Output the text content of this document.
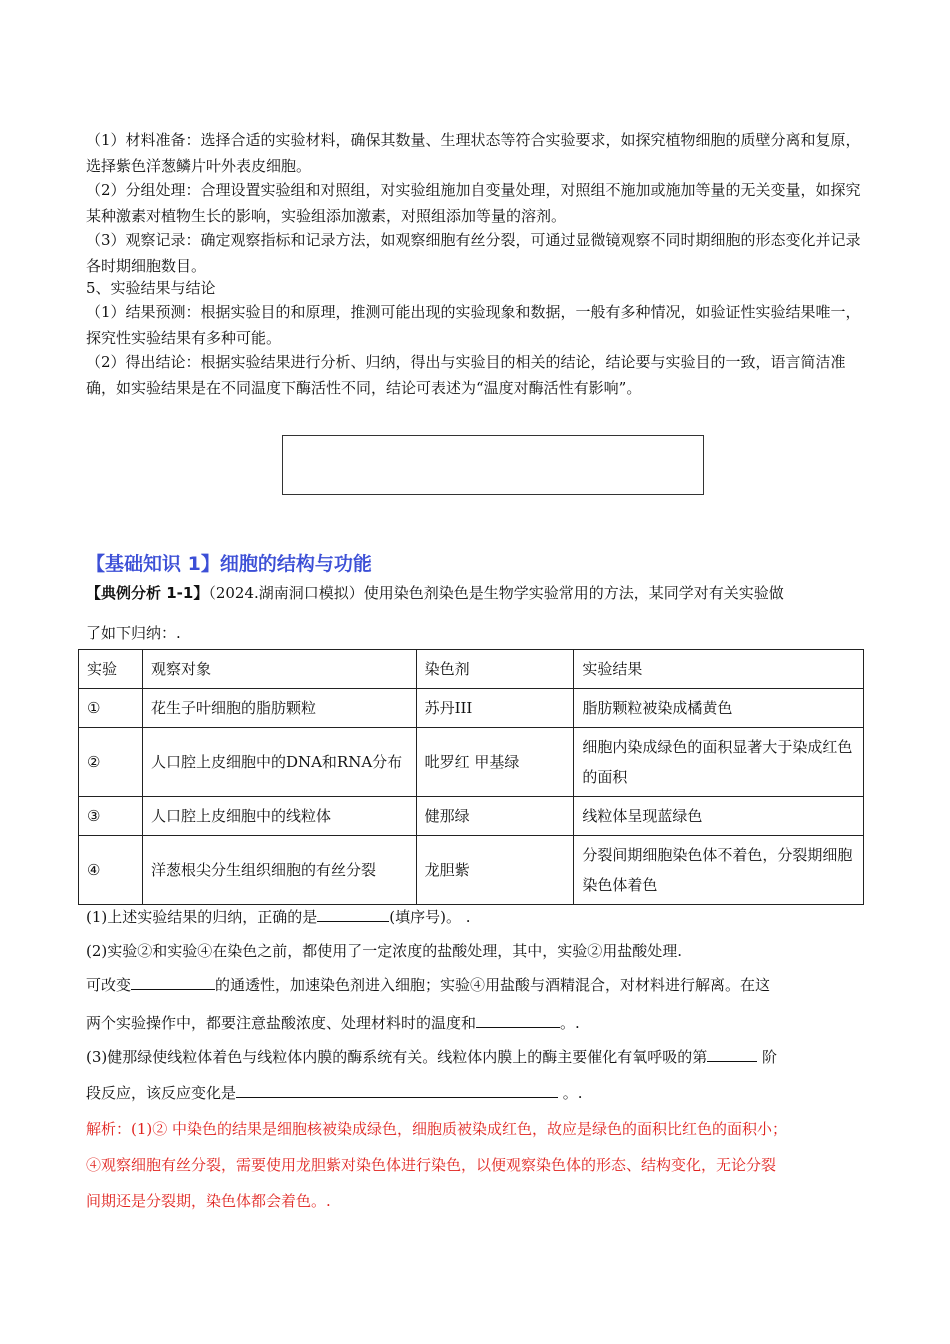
（1）材料准备：选择合适的实验材料，确保其数量、生理状态等符合实验要求，如探究植物细胞的质壁分离和复原，选择紫色洋葱鳞片叶外表皮细胞。

（2）分组处理：合理设置实验组和对照组，对实验组施加自变量处理，对照组不施加或施加等量的无关变量，如探究某种激素对植物生长的影响，实验组添加激素，对照组添加等量的溶剂。

（3）观察记录：确定观察指标和记录方法，如观察细胞有丝分裂，可通过显微镜观察不同时期细胞的形态变化并记录各时期细胞数目。

5、实验结果与结论

（1）结果预测：根据实验目的和原理，推测可能出现的实验现象和数据，一般有多种情况，如验证性实验结果唯一，探究性实验结果有多种可能。

（2）得出结论：根据实验结果进行分析、归纳，得出与实验目的相关的结论，结论要与实验目的一致，语言简洁准确，如实验结果是在不同温度下酶活性不同，结论可表述为“温度对酶活性有影响”。

【基础知识 1】细胞的结构与功能

【典例分析 1-1】（2024.湖南洞口模拟）使用染色剂染色是生物学实验常用的方法，某同学对有关实验做

了如下归纳：.

实验	观察对象	染色剂	实验结果
①	花生子叶细胞的脂肪颗粒	苏丹III	脂肪颗粒被染成橘黄色
②	人口腔上皮细胞中的DNA和RNA分布	吡罗红 甲基绿	细胞内染成绿色的面积显著大于染成红色的面积
③	人口腔上皮细胞中的线粒体	健那绿	线粒体呈现蓝绿色
④	洋葱根尖分生组织细胞的有丝分裂	龙胆紫	分裂间期细胞染色体不着色，分裂期细胞染色体着色

(1)上述实验结果的归纳，正确的是	(填序号)。 .

(2)实验②和实验④在染色之前，都使用了一定浓度的盐酸处理，其中，实验②用盐酸处理.

可改变	的通透性，加速染色剂进入细胞；实验④用盐酸与酒精混合，对材料进行解离。在这

两个实验操作中，都要注意盐酸浓度、处理材料时的温度和	。.

(3)健那绿使线粒体着色与线粒体内膜的酶系统有关。线粒体内膜上的酶主要催化有氧呼吸的第	阶

段反应，该反应变化是	。.

解析：(1)② 中染色的结果是细胞核被染成绿色，细胞质被染成红色，故应是绿色的面积比红色的面积小；

④观察细胞有丝分裂，需要使用龙胆紫对染色体进行染色，以便观察染色体的形态、结构变化，无论分裂

间期还是分裂期，染色体都会着色。.
